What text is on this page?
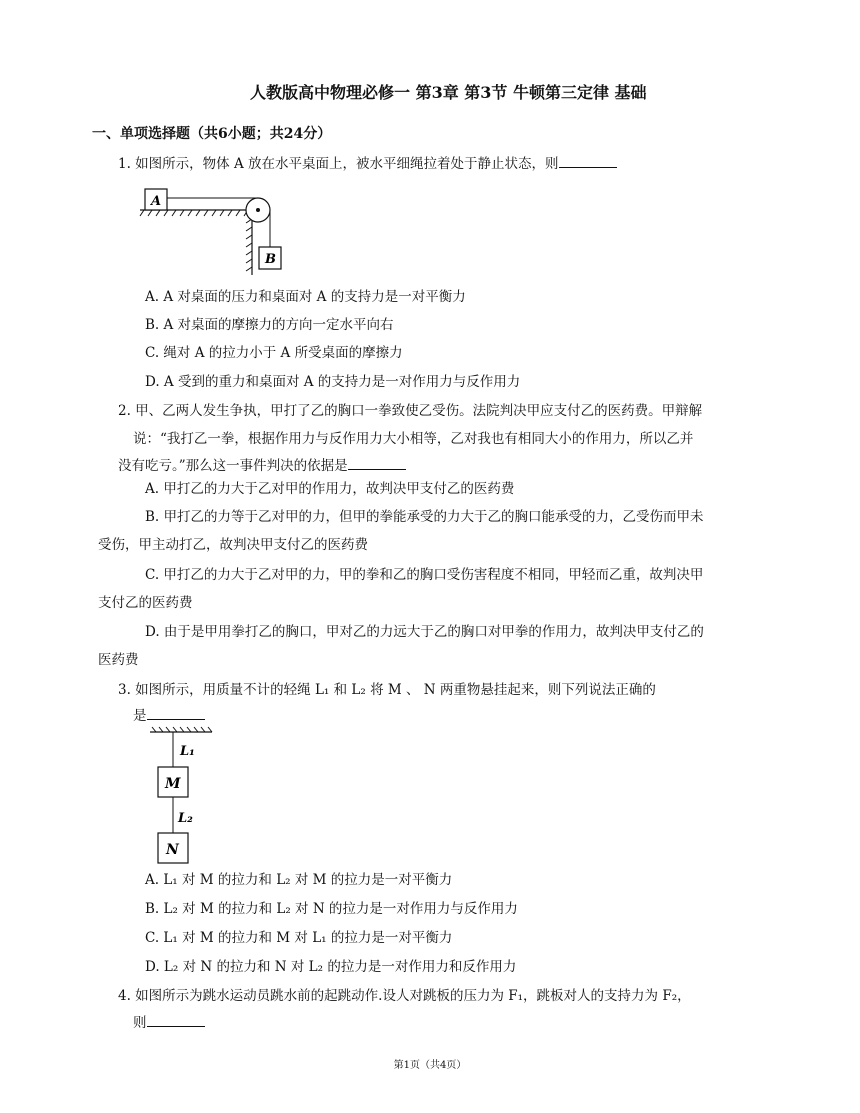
人教版高中物理必修一 第3章 第3节 牛顿第三定律 基础
一、单项选择题（共6小题；共24分）
1. 如图所示，物体 A 放在水平桌面上，被水平细绳拉着处于静止状态，则
A
B
A. A 对桌面的压力和桌面对 A 的支持力是一对平衡力
B. A 对桌面的摩擦力的方向一定水平向右
C. 绳对 A 的拉力小于 A 所受桌面的摩擦力
D. A 受到的重力和桌面对 A 的支持力是一对作用力与反作用力
2. 甲、乙两人发生争执，甲打了乙的胸口一拳致使乙受伤。法院判决甲应支付乙的医药费。甲辩解
说：“我打乙一拳，根据作用力与反作用力大小相等，乙对我也有相同大小的作用力，所以乙并
没有吃亏。”那么这一事件判决的依据是
A. 甲打乙的力大于乙对甲的作用力，故判决甲支付乙的医药费
B. 甲打乙的力等于乙对甲的力，但甲的拳能承受的力大于乙的胸口能承受的力，乙受伤而甲未
受伤，甲主动打乙，故判决甲支付乙的医药费
C. 甲打乙的力大于乙对甲的力，甲的拳和乙的胸口受伤害程度不相同，甲轻而乙重，故判决甲
支付乙的医药费
D. 由于是甲用拳打乙的胸口，甲对乙的力远大于乙的胸口对甲拳的作用力，故判决甲支付乙的
医药费
3. 如图所示，用质量不计的轻绳 L₁ 和 L₂ 将 M 、 N 两重物悬挂起来，则下列说法正确的
是
L₁
M
L₂
N
A. L₁ 对 M 的拉力和 L₂ 对 M 的拉力是一对平衡力
B. L₂ 对 M 的拉力和 L₂ 对 N 的拉力是一对作用力与反作用力
C. L₁ 对 M 的拉力和 M 对 L₁ 的拉力是一对平衡力
D. L₂ 对 N 的拉力和 N 对 L₂ 的拉力是一对作用力和反作用力
4. 如图所示为跳水运动员跳水前的起跳动作.设人对跳板的压力为 F₁，跳板对人的支持力为 F₂，
则
第1页（共4页）
